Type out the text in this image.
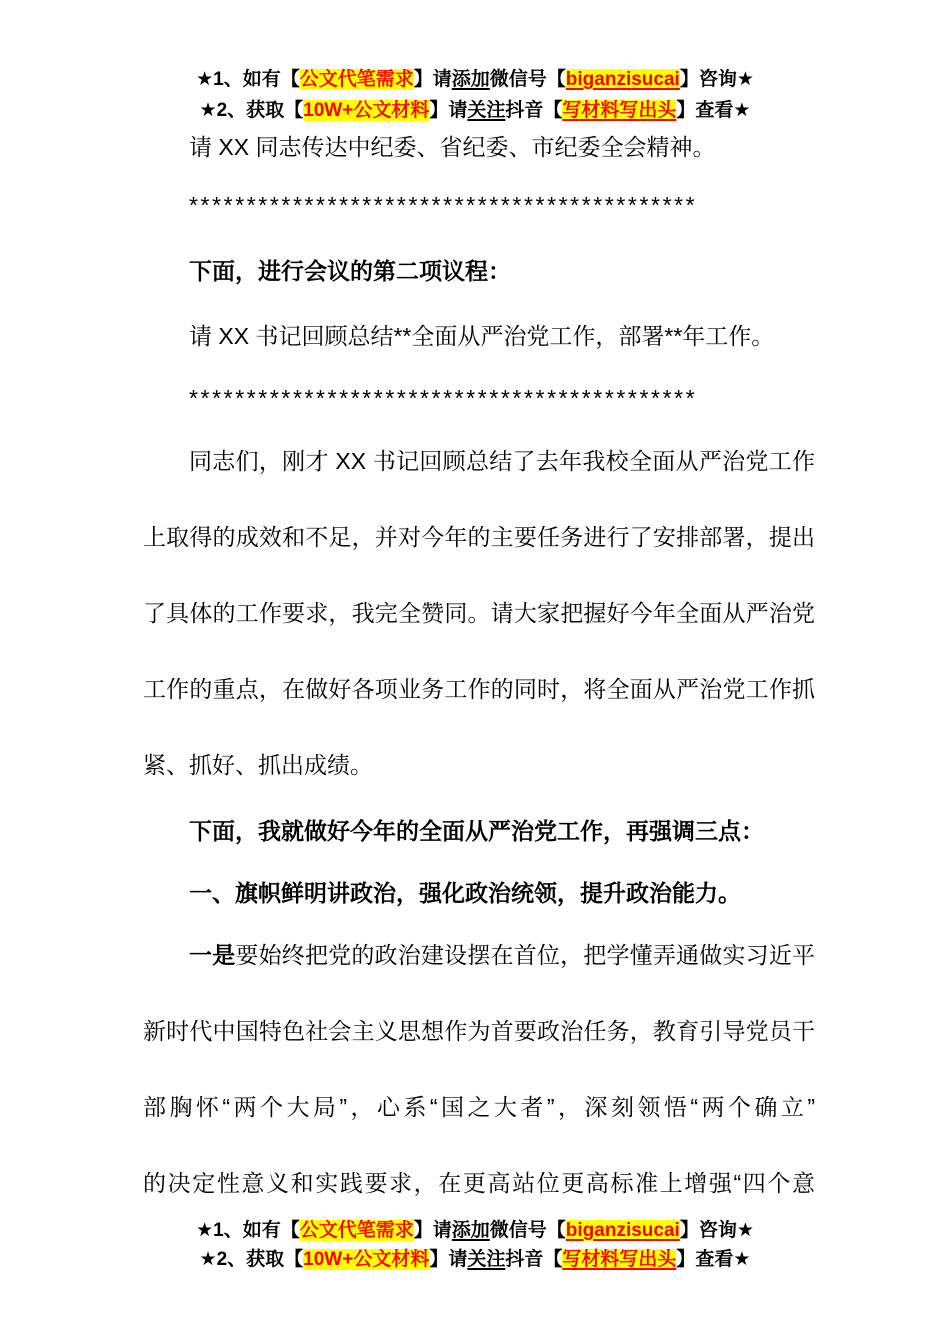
★1、如有【公文代笔需求】请添加微信号【biganzisucai】咨询★
★2、获取【10W+公文材料】请关注抖音【写材料写出头】查看★
请 XX 同志传达中纪委、省纪委、市纪委全会精神。
********************************************
下面，进行会议的第二项议程：
请 XX 书记回顾总结**全面从严治党工作，部署**年工作。
********************************************
同志们，刚才 XX 书记回顾总结了去年我校全面从严治党工作
上取得的成效和不足，并对今年的主要任务进行了安排部署，提出
了具体的工作要求，我完全赞同。请大家把握好今年全面从严治党
工作的重点，在做好各项业务工作的同时，将全面从严治党工作抓
紧、抓好、抓出成绩。
下面，我就做好今年的全面从严治党工作，再强调三点：
一、旗帜鲜明讲政治，强化政治统领，提升政治能力。
一是要始终把党的政治建设摆在首位，把学懂弄通做实习近平
新时代中国特色社会主义思想作为首要政治任务，教育引导党员干
部胸怀“两个大局”，心系“国之大者”，深刻领悟“两个确立”
的决定性意义和实践要求，在更高站位更高标准上增强“四个意
★1、如有【公文代笔需求】请添加微信号【biganzisucai】咨询★
★2、获取【10W+公文材料】请关注抖音【写材料写出头】查看★
